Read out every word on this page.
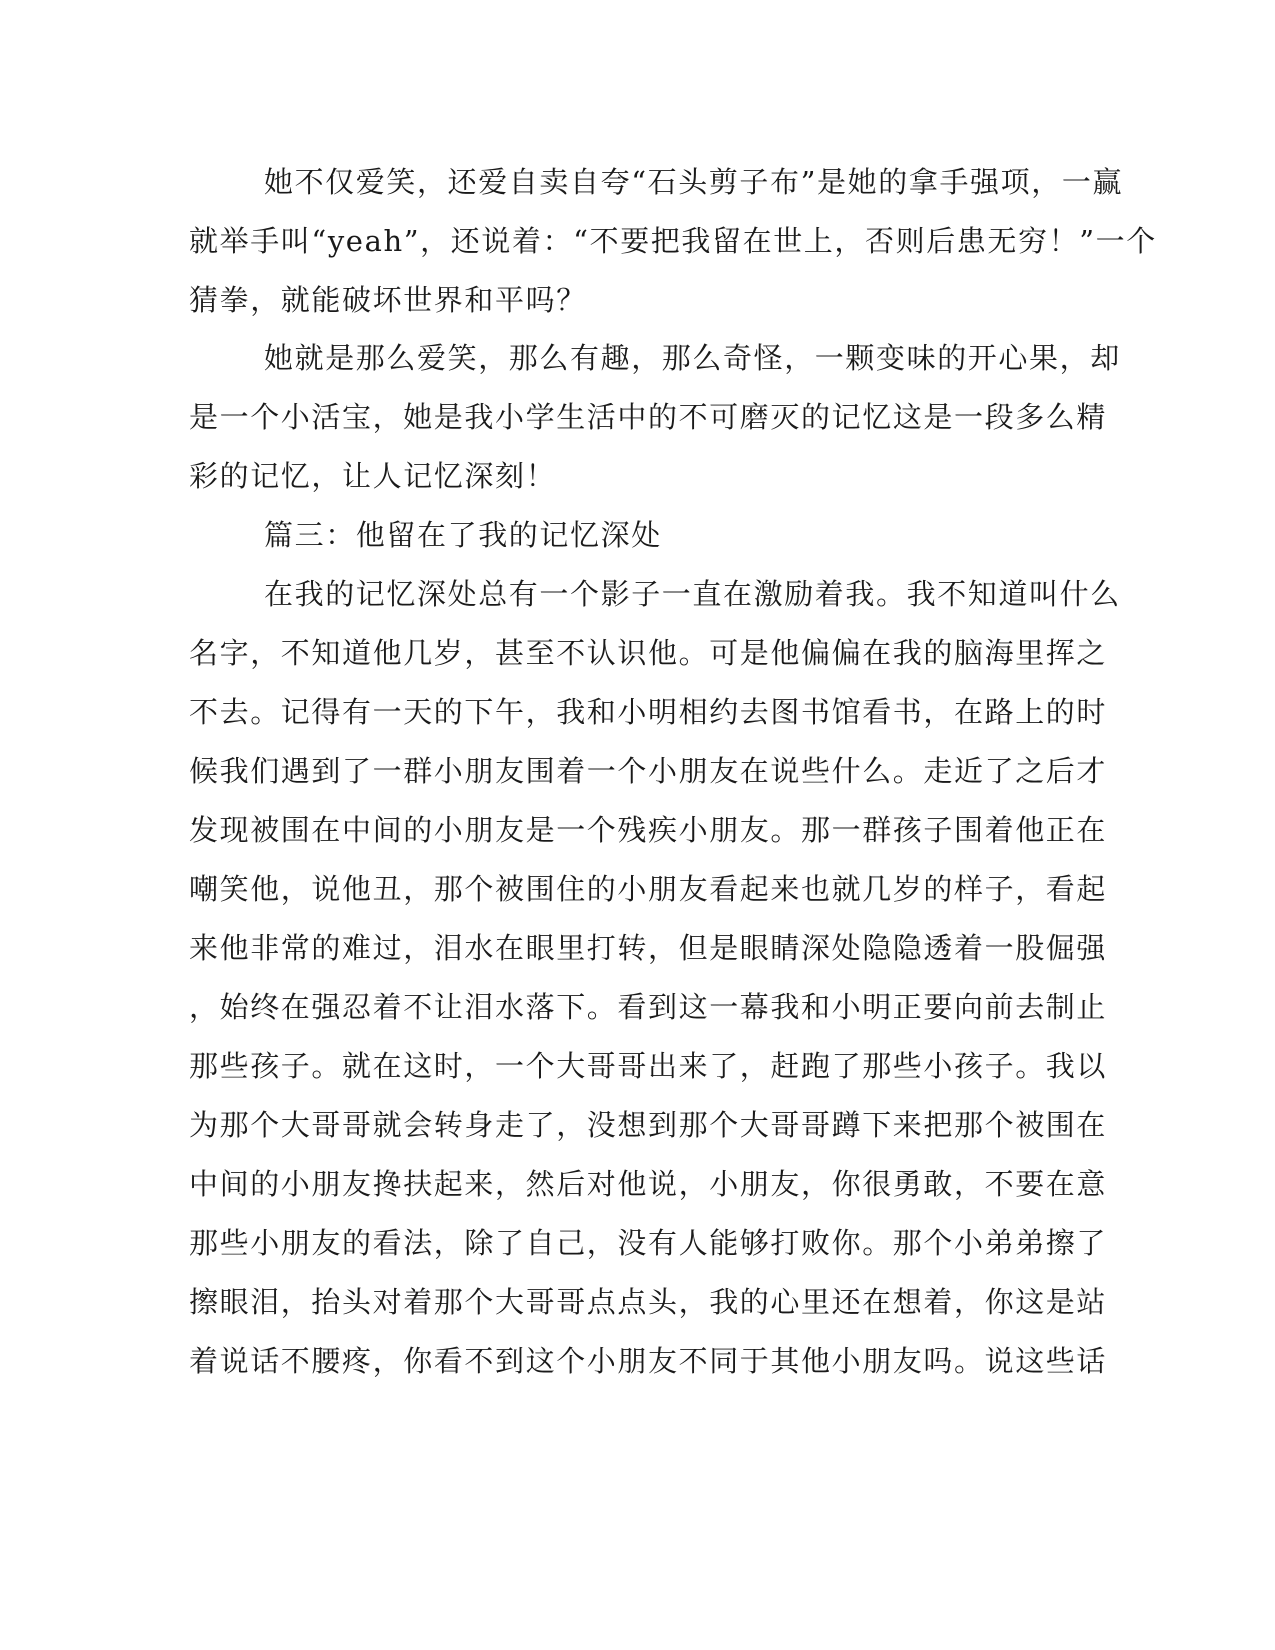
她不仅爱笑，还爱自卖自夸“石头剪子布”是她的拿手强项，一赢
就举手叫“yeah”，还说着：“不要把我留在世上，否则后患无穷！”一个
猜拳，就能破坏世界和平吗？
她就是那么爱笑，那么有趣，那么奇怪，一颗变味的开心果，却
是一个小活宝，她是我小学生活中的不可磨灭的记忆这是一段多么精
彩的记忆，让人记忆深刻！
篇三：他留在了我的记忆深处
在我的记忆深处总有一个影子一直在激励着我。我不知道叫什么
名字，不知道他几岁，甚至不认识他。可是他偏偏在我的脑海里挥之
不去。记得有一天的下午，我和小明相约去图书馆看书，在路上的时
候我们遇到了一群小朋友围着一个小朋友在说些什么。走近了之后才
发现被围在中间的小朋友是一个残疾小朋友。那一群孩子围着他正在
嘲笑他，说他丑，那个被围住的小朋友看起来也就几岁的样子，看起
来他非常的难过，泪水在眼里打转，但是眼睛深处隐隐透着一股倔强
，始终在强忍着不让泪水落下。看到这一幕我和小明正要向前去制止
那些孩子。就在这时，一个大哥哥出来了，赶跑了那些小孩子。我以
为那个大哥哥就会转身走了，没想到那个大哥哥蹲下来把那个被围在
中间的小朋友搀扶起来，然后对他说，小朋友，你很勇敢，不要在意
那些小朋友的看法，除了自己，没有人能够打败你。那个小弟弟擦了
擦眼泪，抬头对着那个大哥哥点点头，我的心里还在想着，你这是站
着说话不腰疼，你看不到这个小朋友不同于其他小朋友吗。说这些话
